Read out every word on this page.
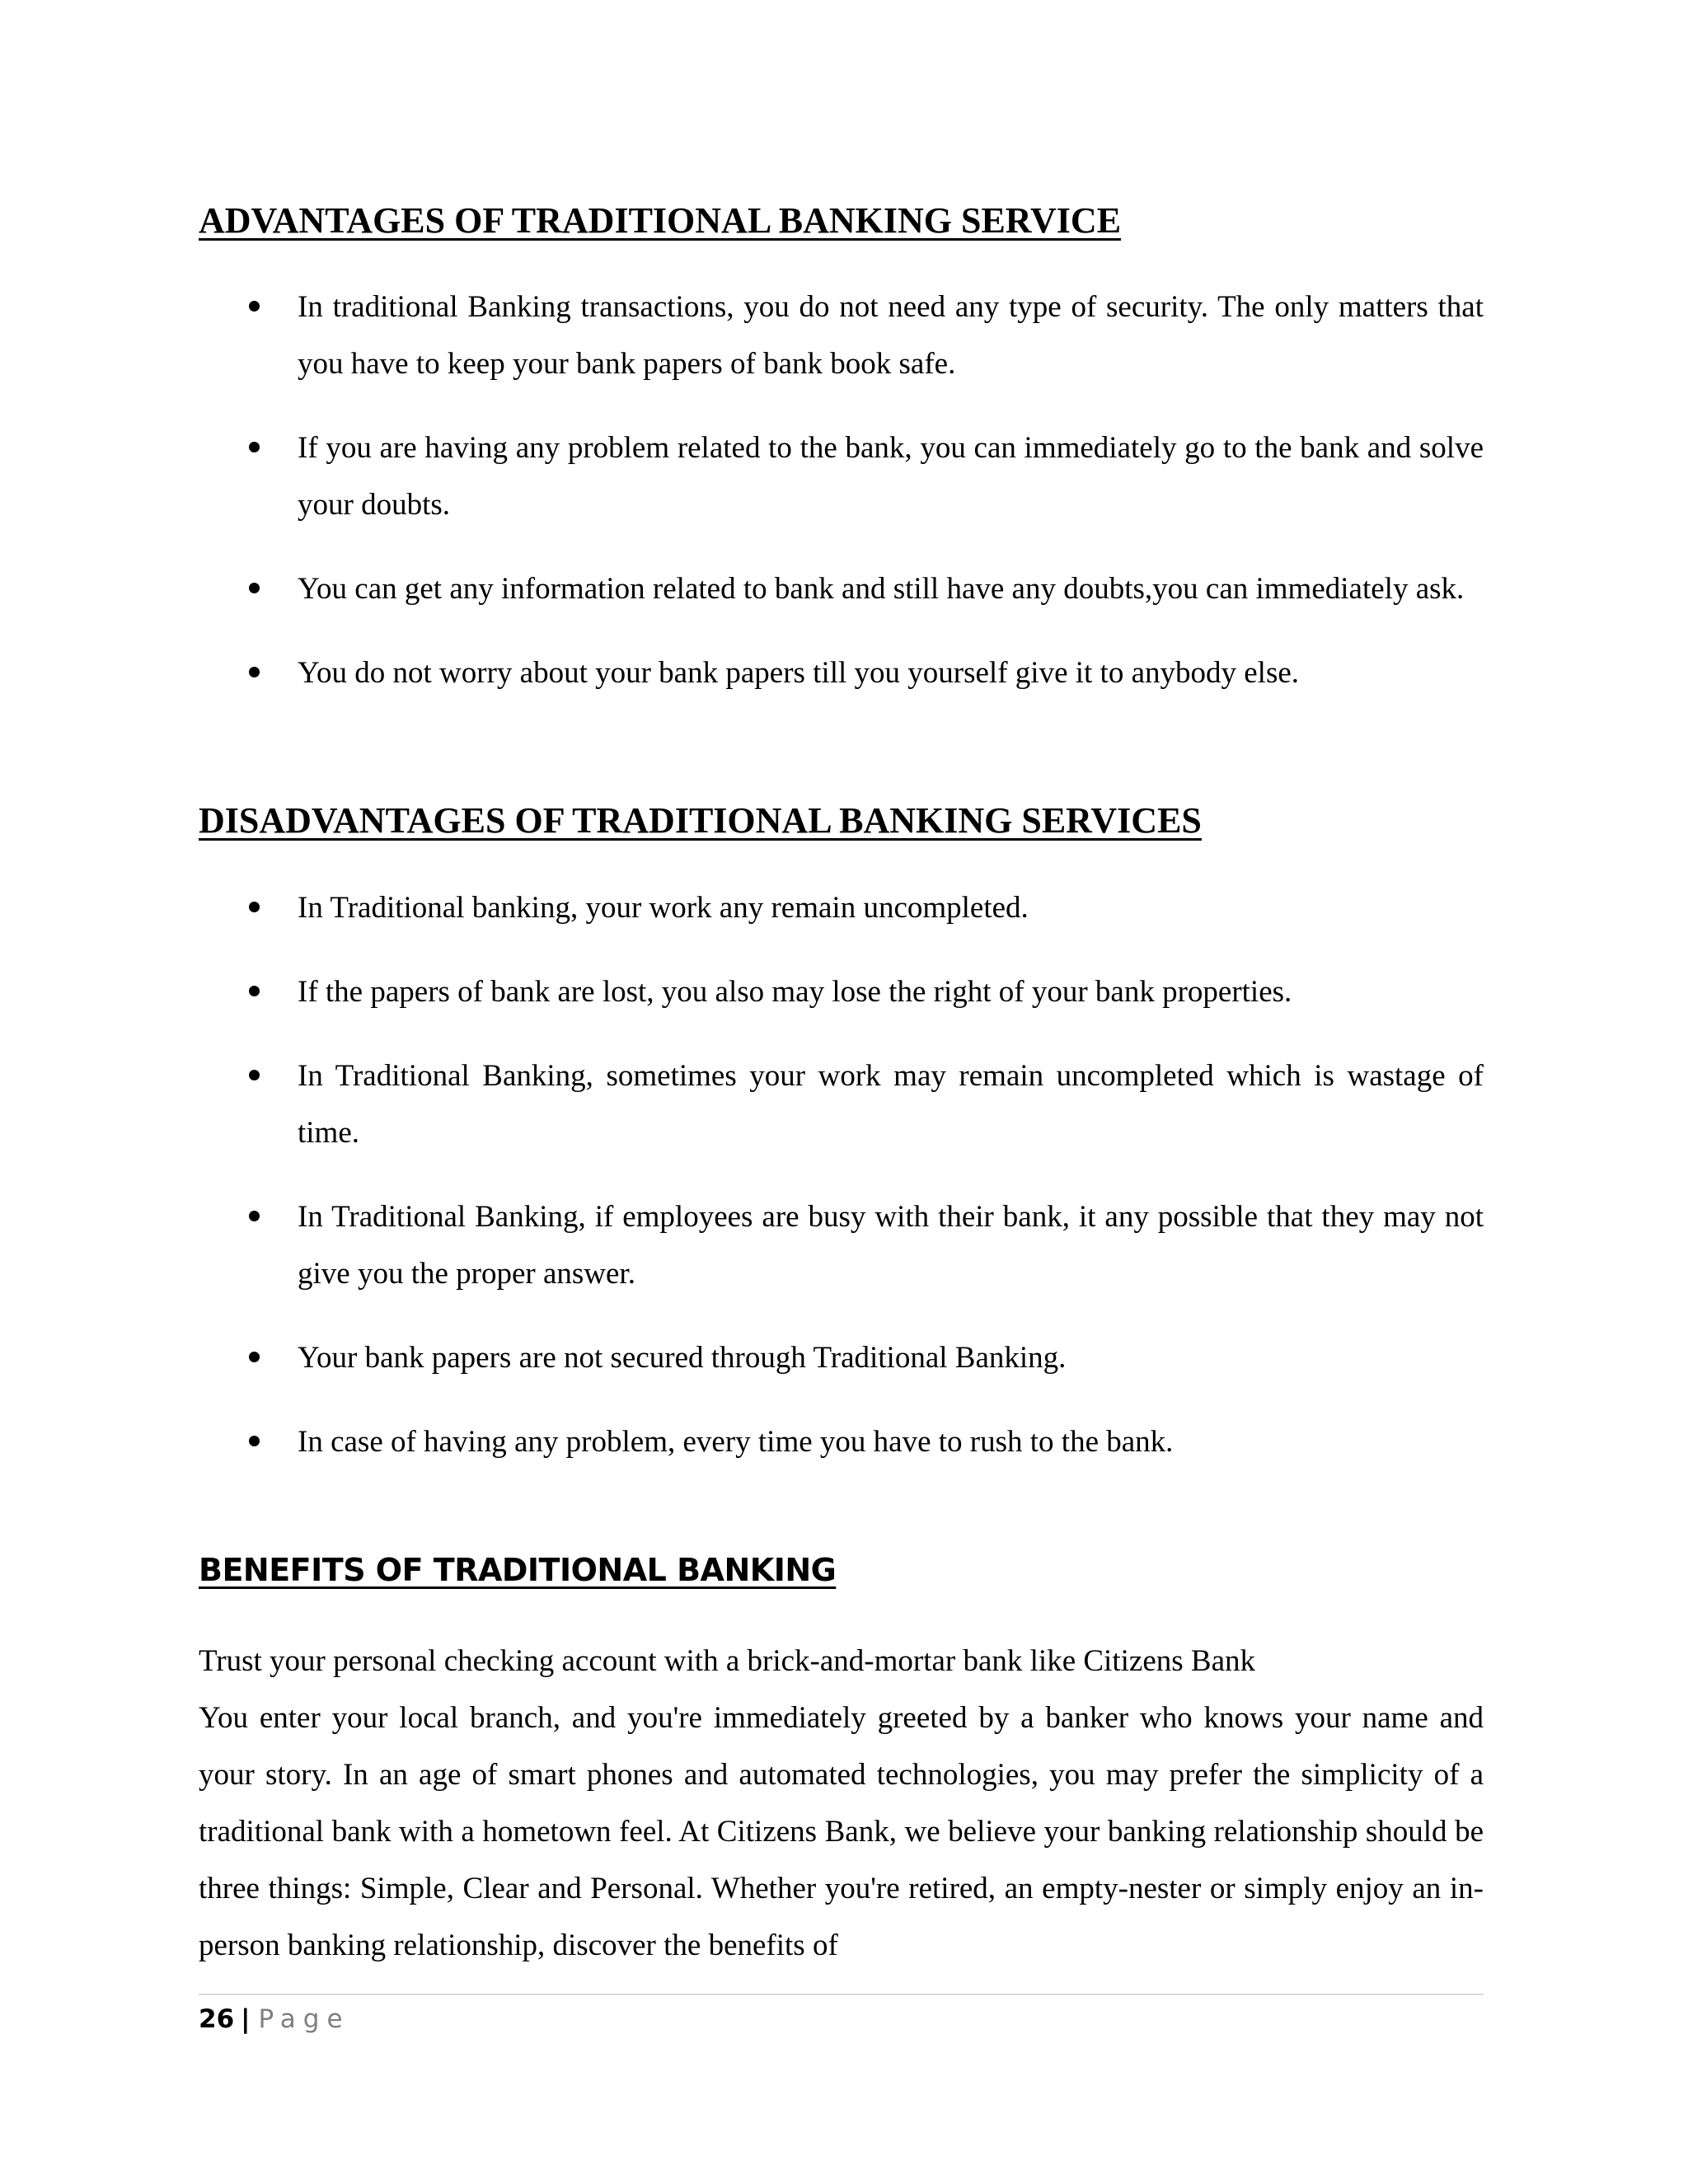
ADVANTAGES OF TRADITIONAL BANKING SERVICE
In traditional Banking transactions, you do not need any type of security. The only matters that you have to keep your bank papers of bank book safe.
If you are having any problem related to the bank, you can immediately go to the bank and solve your doubts.
You can get any information related to bank and still have any doubts,you can immediately ask.
You do not worry about your bank papers till you yourself give it to anybody else.
DISADVANTAGES OF TRADITIONAL BANKING SERVICES
In Traditional banking, your work any remain uncompleted.
If the papers of bank are lost, you also may lose the right of your bank properties.
In Traditional Banking, sometimes your work may remain uncompleted which is wastage of time.
In Traditional Banking, if employees are busy with their bank, it any possible that they may not give you the proper answer.
Your bank papers are not secured through Traditional Banking.
In case of having any problem, every time you have to rush to the bank.
BENEFITS OF TRADITIONAL BANKING

Trust your personal checking account with a brick-and-mortar bank like Citizens Bank
You enter your local branch, and you're immediately greeted by a banker who knows your name and your story. In an age of smart phones and automated technologies, you may prefer the simplicity of a traditional bank with a hometown feel. At Citizens Bank, we believe your banking relationship should be three things: Simple, Clear and Personal. Whether you're retired, an empty-nester or simply enjoy an in-person banking relationship, discover the benefits of

26 | Page
